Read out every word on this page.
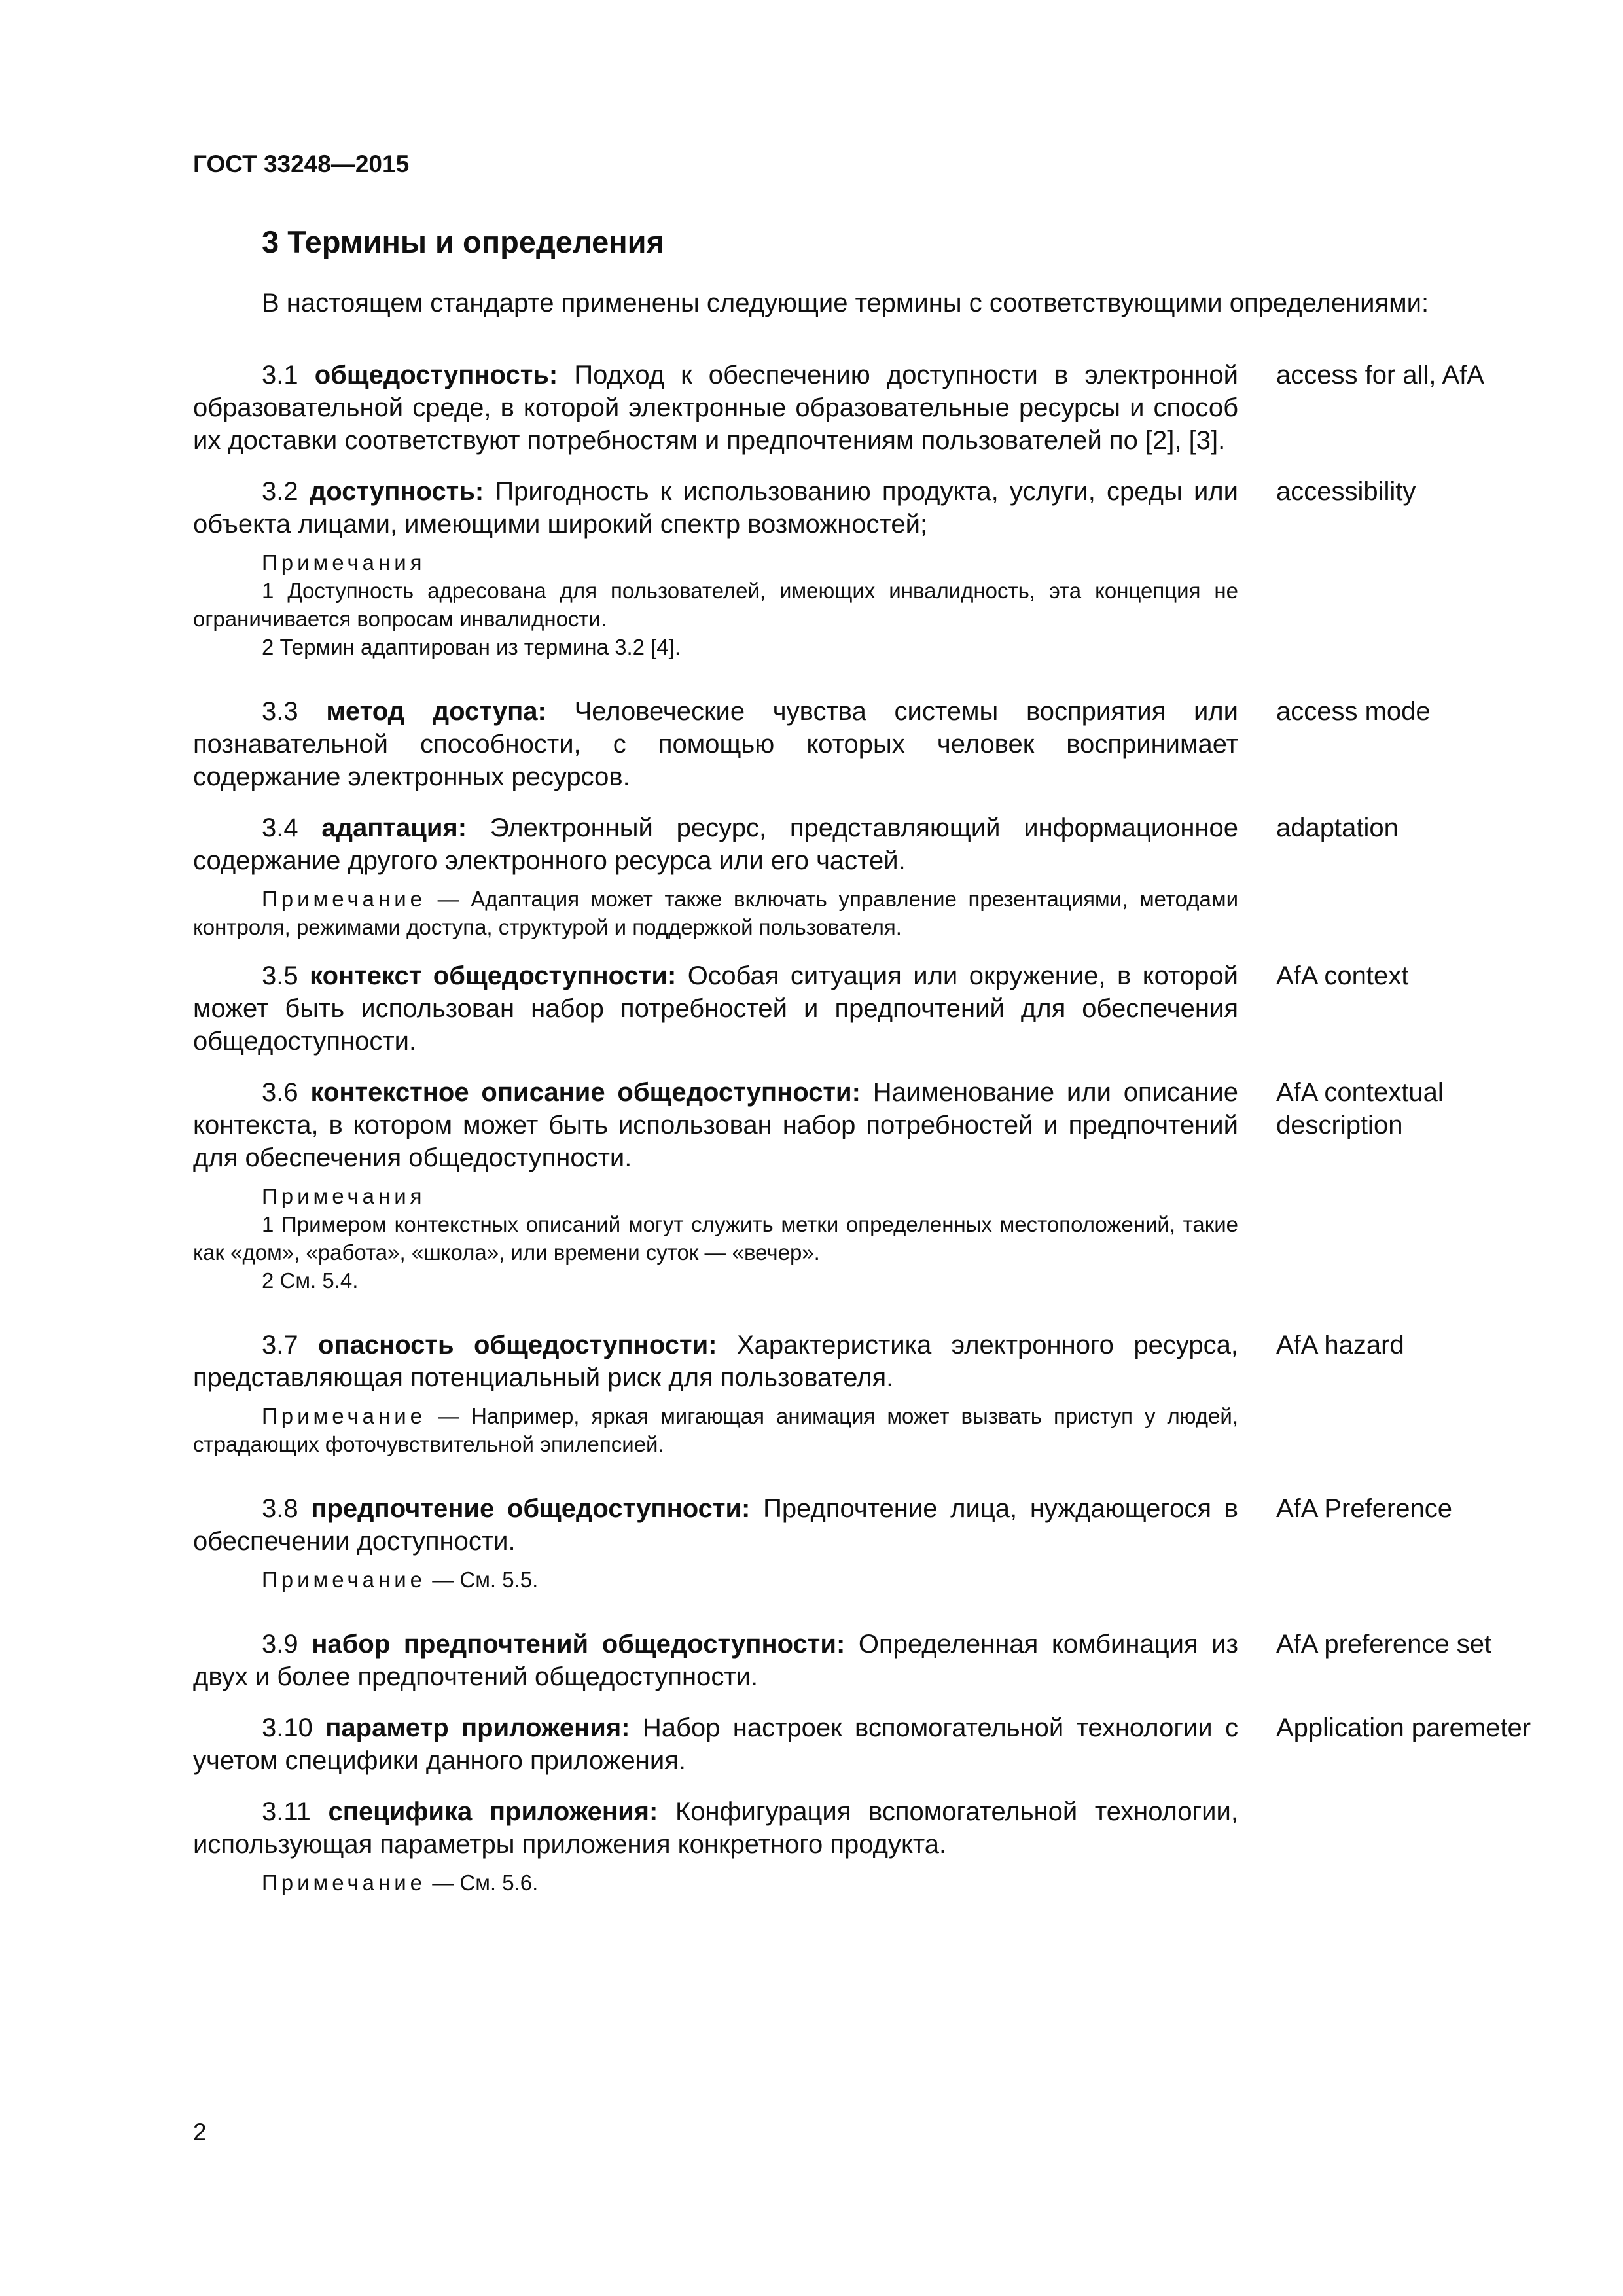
ГОСТ 33248—2015
3 Термины и определения
В настоящем стандарте применены следующие термины с соответствующими определениями:
3.1 общедоступность: Подход к обеспечению доступности в электронной образовательной среде, в которой электронные образовательные ресурсы и способ их доставки соответствуют потребностям и предпочтениям пользователей по [2], [3].
access for all, AfA
3.2 доступность: Пригодность к использованию продукта, услуги, среды или объекта лицами, имеющими широкий спектр возможностей;
accessibility
Примечания
1 Доступность адресована для пользователей, имеющих инвалидность, эта концепция не ограничивается вопросам инвалидности.
2 Термин адаптирован из термина 3.2 [4].
3.3 метод доступа: Человеческие чувства системы восприятия или познавательной способности, с помощью которых человек воспринимает содержание электронных ресурсов.
access mode
3.4 адаптация: Электронный ресурс, представляющий информационное содержание другого электронного ресурса или его частей.
adaptation
Примечание — Адаптация может также включать управление презентациями, методами контроля, режимами доступа, структурой и поддержкой пользователя.
3.5 контекст общедоступности: Особая ситуация или окружение, в которой может быть использован набор потребностей и предпочтений для обеспечения общедоступности.
AfA context
3.6 контекстное описание общедоступности: Наименование или описание контекста, в котором может быть использован набор потребностей и предпочтений для обеспечения общедоступности.
AfA contextual description
Примечания
1 Примером контекстных описаний могут служить метки определенных местоположений, такие как «дом», «работа», «школа», или времени суток — «вечер».
2 См. 5.4.
3.7 опасность общедоступности: Характеристика электронного ресурса, представляющая потенциальный риск для пользователя.
AfA hazard
Примечание — Например, яркая мигающая анимация может вызвать приступ у людей, страдающих фоточувствительной эпилепсией.
3.8 предпочтение общедоступности: Предпочтение лица, нуждающегося в обеспечении доступности.
AfA Preference
Примечание — См. 5.5.
3.9 набор предпочтений общедоступности: Определенная комбинация из двух и более предпочтений общедоступности.
AfA preference set
3.10 параметр приложения: Набор настроек вспомогательной технологии с учетом специфики данного приложения.
Application paremeter
3.11 специфика приложения: Конфигурация вспомогательной технологии, использующая параметры приложения конкретного продукта.
Примечание — См. 5.6.
2
